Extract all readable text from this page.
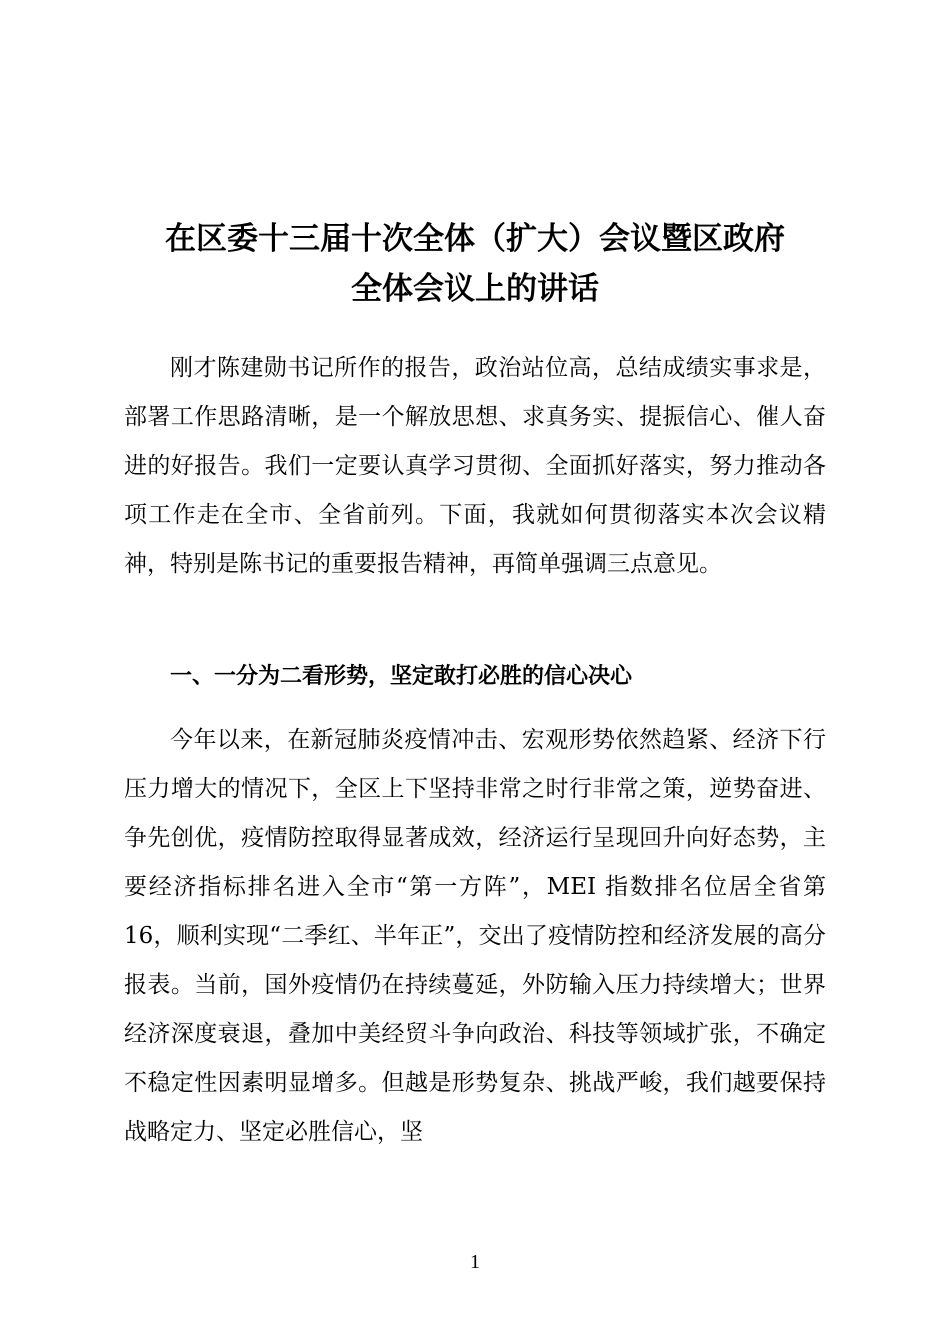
在区委十三届十次全体（扩大）会议暨区政府
全体会议上的讲话

刚才陈建勋书记所作的报告，政治站位高，总结成绩实事求是，部署工作思路清晰，是一个解放思想、求真务实、提振信心、催人奋进的好报告。我们一定要认真学习贯彻、全面抓好落实，努力推动各项工作走在全市、全省前列。下面，我就如何贯彻落实本次会议精神，特别是陈书记的重要报告精神，再简单强调三点意见。

一、一分为二看形势，坚定敢打必胜的信心决心

今年以来，在新冠肺炎疫情冲击、宏观形势依然趋紧、经济下行压力增大的情况下，全区上下坚持非常之时行非常之策，逆势奋进、争先创优，疫情防控取得显著成效，经济运行呈现回升向好态势，主要经济指标排名进入全市“第一方阵”，MEI 指数排名位居全省第 16，顺利实现“二季红、半年正”，交出了疫情防控和经济发展的高分报表。当前，国外疫情仍在持续蔓延，外防输入压力持续增大；世界经济深度衰退，叠加中美经贸斗争向政治、科技等领域扩张，不确定不稳定性因素明显增多。但越是形势复杂、挑战严峻，我们越要保持战略定力、坚定必胜信心，坚

1
